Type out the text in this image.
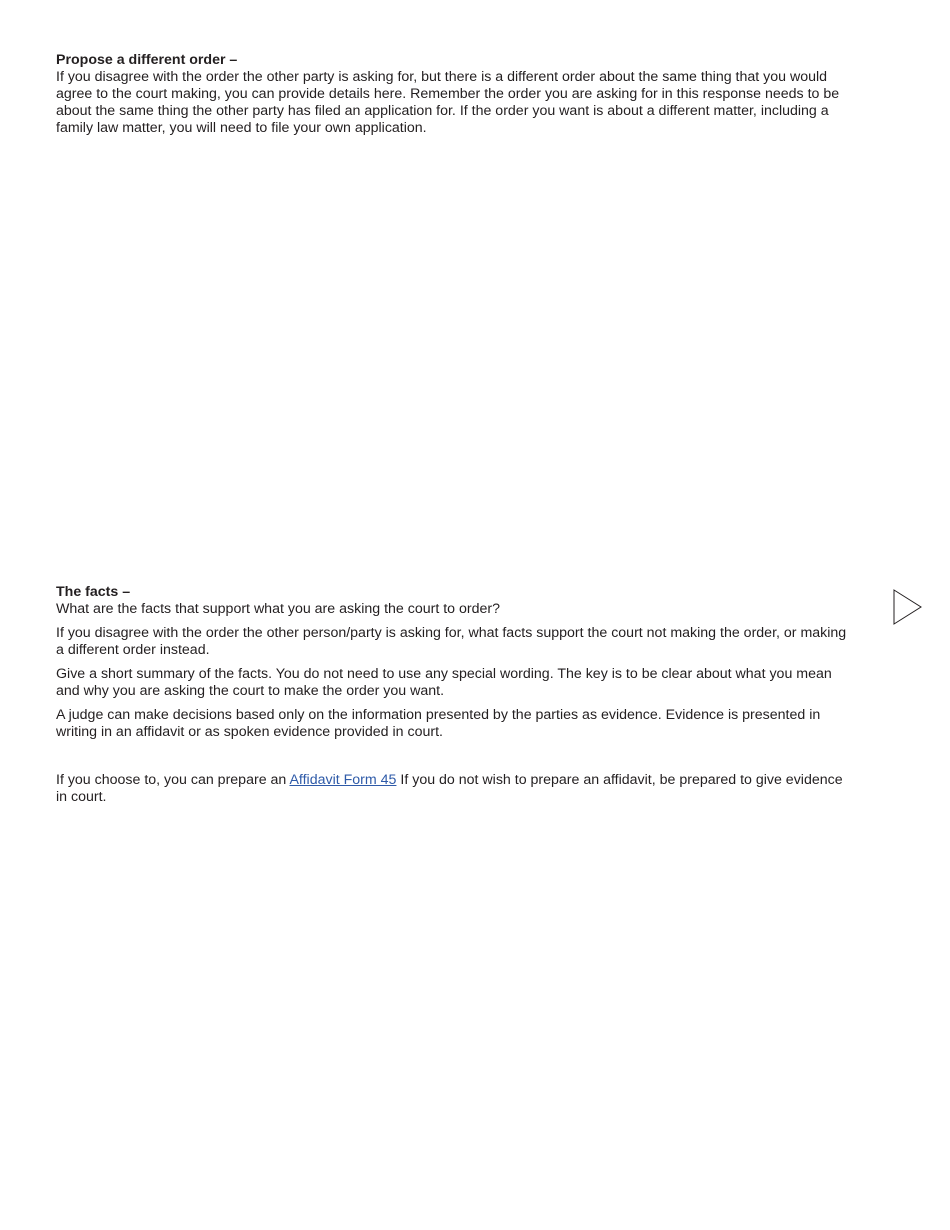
Propose a different order –

If you disagree with the order the other party is asking for, but there is a different order about the same thing that you would agree to the court making, you can provide details here. Remember the order you are asking for in this response needs to be about the same thing the other party has filed an application for. If the order you want is about a different matter, including a family law matter, you will need to file your own application.

The facts –

What are the facts that support what you are asking the court to order?

If you disagree with the order the other person/party is asking for, what facts support the court not making the order, or making a different order instead.

Give a short summary of the facts. You do not need to use any special wording. The key is to be clear about what you mean and why you are asking the court to make the order you want.

A judge can make decisions based only on the information presented by the parties as evidence. Evidence is presented in writing in an affidavit or as spoken evidence provided in court.

If you choose to, you can prepare an Affidavit Form 45 If you do not wish to prepare an affidavit, be prepared to give evidence in court.
